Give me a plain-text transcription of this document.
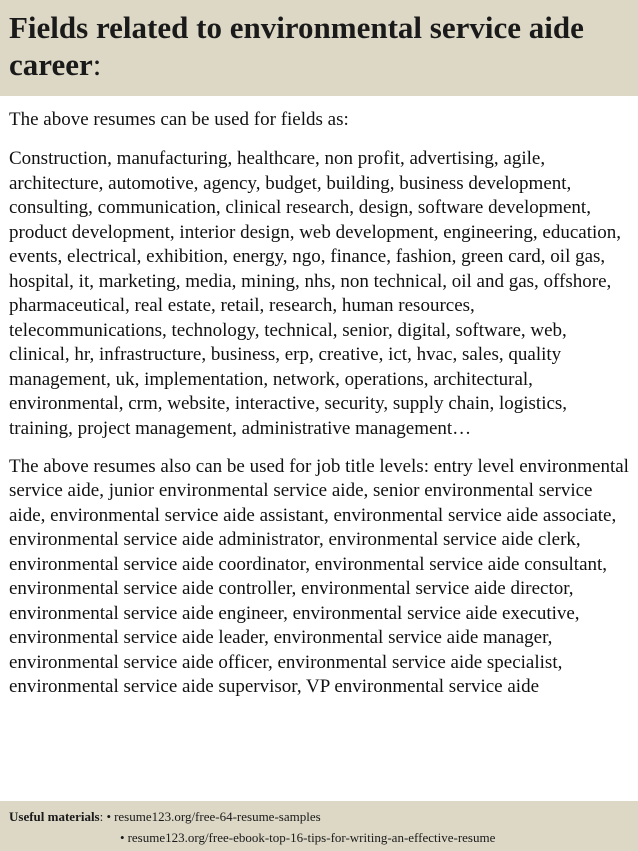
Fields related to environmental service aide career:

The above resumes can be used for fields as:

Construction, manufacturing, healthcare, non profit, advertising, agile, architecture, automotive, agency, budget, building, business development, consulting, communication, clinical research, design, software development, product development, interior design, web development, engineering, education, events, electrical, exhibition, energy, ngo, finance, fashion, green card, oil gas, hospital, it, marketing, media, mining, nhs, non technical, oil and gas, offshore, pharmaceutical, real estate, retail, research, human resources, telecommunications, technology, technical, senior, digital, software, web, clinical, hr, infrastructure, business, erp, creative, ict, hvac, sales, quality management, uk, implementation, network, operations, architectural, environmental, crm, website, interactive, security, supply chain, logistics, training, project management, administrative management…

The above resumes also can be used for job title levels: entry level environmental service aide, junior environmental service aide, senior environmental service aide, environmental service aide assistant, environmental service aide associate, environmental service aide administrator, environmental service aide clerk, environmental service aide coordinator, environmental service aide consultant, environmental service aide controller, environmental service aide director, environmental service aide engineer, environmental service aide executive, environmental service aide leader, environmental service aide manager, environmental service aide officer, environmental service aide specialist, environmental service aide supervisor, VP environmental service aide

Useful materials: • resume123.org/free-64-resume-samples
• resume123.org/free-ebook-top-16-tips-for-writing-an-effective-resume
